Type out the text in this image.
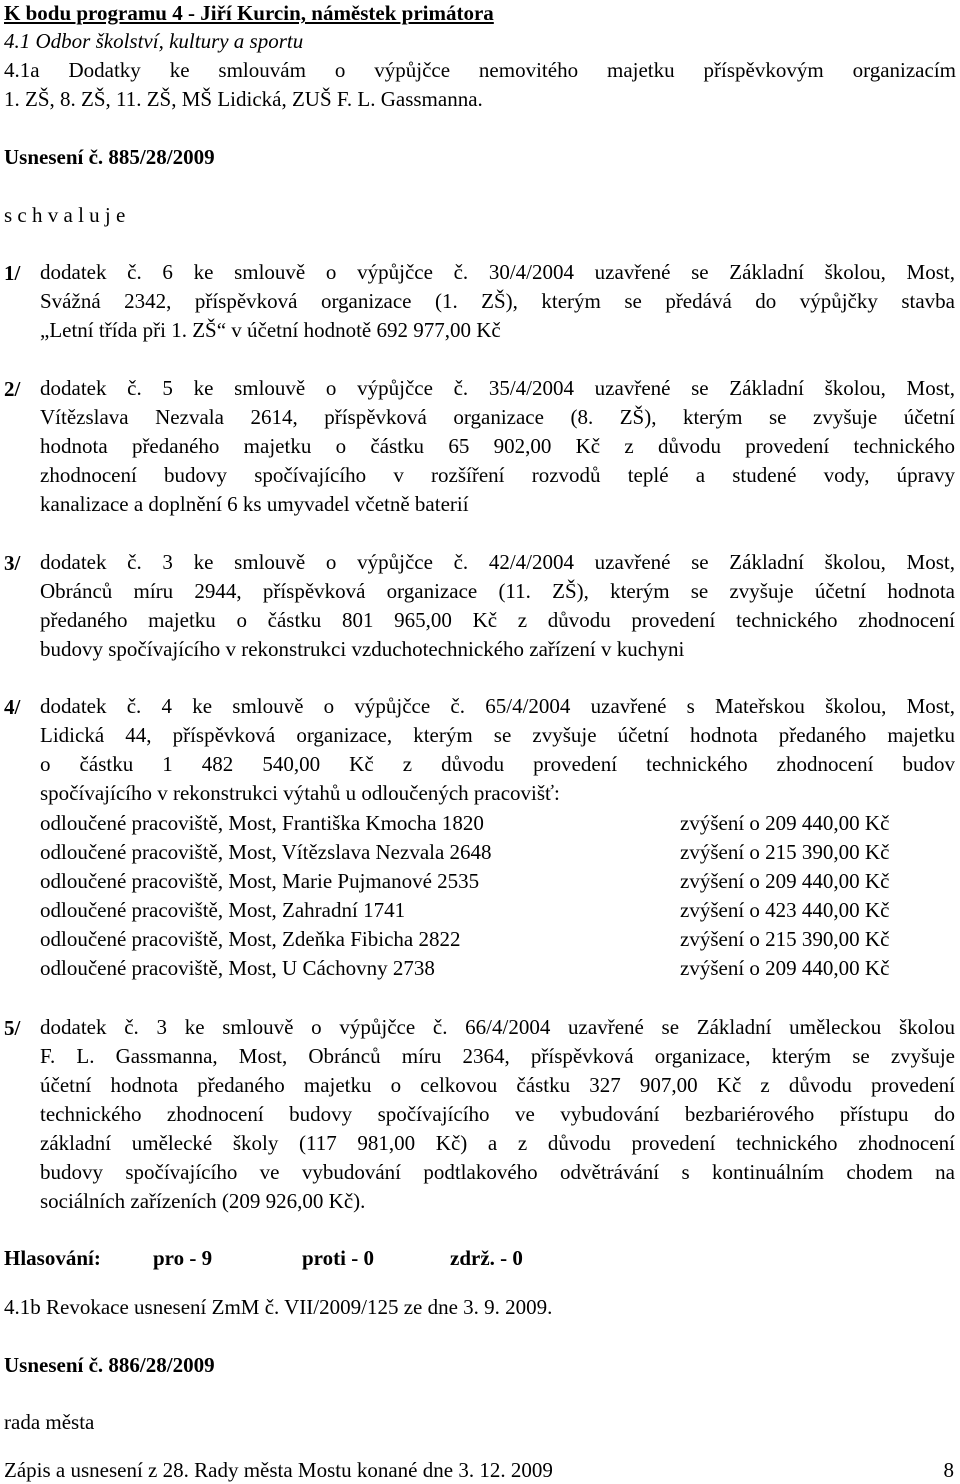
K bodu programu 4 - Jiří Kurcin, náměstek primátora
4.1 Odbor školství, kultury a sportu
4.1a Dodatky ke smlouvám o výpůjčce nemovitého majetku příspěvkovým organizacím
1. ZŠ, 8. ZŠ, 11. ZŠ, MŠ Lidická, ZUŠ F. L. Gassmanna.
Usnesení č. 885/28/2009
s c h v a l u j e
1/ dodatek č. 6 ke smlouvě o výpůjčce č. 30/4/2004 uzavřené se Základní školou, Most,
Svážná 2342, příspěvková organizace (1. ZŠ), kterým se předává do výpůjčky stavba
„Letní třída při 1. ZŠ“ v účetní hodnotě 692 977,00 Kč
2/ dodatek č. 5 ke smlouvě o výpůjčce č. 35/4/2004 uzavřené se Základní školou, Most,
Vítězslava Nezvala 2614, příspěvková organizace (8. ZŠ), kterým se zvyšuje účetní
hodnota předaného majetku o částku 65 902,00 Kč z důvodu provedení technického
zhodnocení budovy spočívajícího v rozšíření rozvodů teplé a studené vody, úpravy
kanalizace a doplnění 6 ks umyvadel včetně baterií
3/ dodatek č. 3 ke smlouvě o výpůjčce č. 42/4/2004 uzavřené se Základní školou, Most,
Obránců míru 2944, příspěvková organizace (11. ZŠ), kterým se zvyšuje účetní hodnota
předaného majetku o částku 801 965,00 Kč z důvodu provedení technického zhodnocení
budovy spočívajícího v rekonstrukci vzduchotechnického zařízení v kuchyni
4/ dodatek č. 4 ke smlouvě o výpůjčce č. 65/4/2004 uzavřené s Mateřskou školou, Most,
Lidická 44, příspěvková organizace, kterým se zvyšuje účetní hodnota předaného majetku
o částku 1 482 540,00 Kč z důvodu provedení technického zhodnocení budov
spočívajícího v rekonstrukci výtahů u odloučených pracovišť:
odloučené pracoviště, Most, Františka Kmocha 1820	zvýšení o 209 440,00 Kč
odloučené pracoviště, Most, Vítězslava Nezvala 2648	zvýšení o 215 390,00 Kč
odloučené pracoviště, Most, Marie Pujmanové 2535	zvýšení o 209 440,00 Kč
odloučené pracoviště, Most, Zahradní 1741	zvýšení o 423 440,00 Kč
odloučené pracoviště, Most, Zdeňka Fibicha 2822	zvýšení o 215 390,00 Kč
odloučené pracoviště, Most, U Cáchovny 2738	zvýšení o 209 440,00 Kč
5/ dodatek č. 3 ke smlouvě o výpůjčce č. 66/4/2004 uzavřené se Základní uměleckou školou
F. L. Gassmanna, Most, Obránců míru 2364, příspěvková organizace, kterým se zvyšuje
účetní hodnota předaného majetku o celkovou částku 327 907,00 Kč z důvodu provedení
technického zhodnocení budovy spočívajícího ve vybudování bezbariérového přístupu do
základní umělecké školy (117 981,00 Kč) a z důvodu provedení technického zhodnocení
budovy spočívajícího ve vybudování podtlakového odvětrávání s kontinuálním chodem na
sociálních zařízeních (209 926,00 Kč).
Hlasování: pro - 9	proti - 0	zdrž. - 0
4.1b Revokace usnesení ZmM č. VII/2009/125 ze dne 3. 9. 2009.
Usnesení č. 886/28/2009
rada města
Zápis a usnesení z 28. Rady města Mostu konané dne 3. 12. 2009	8
